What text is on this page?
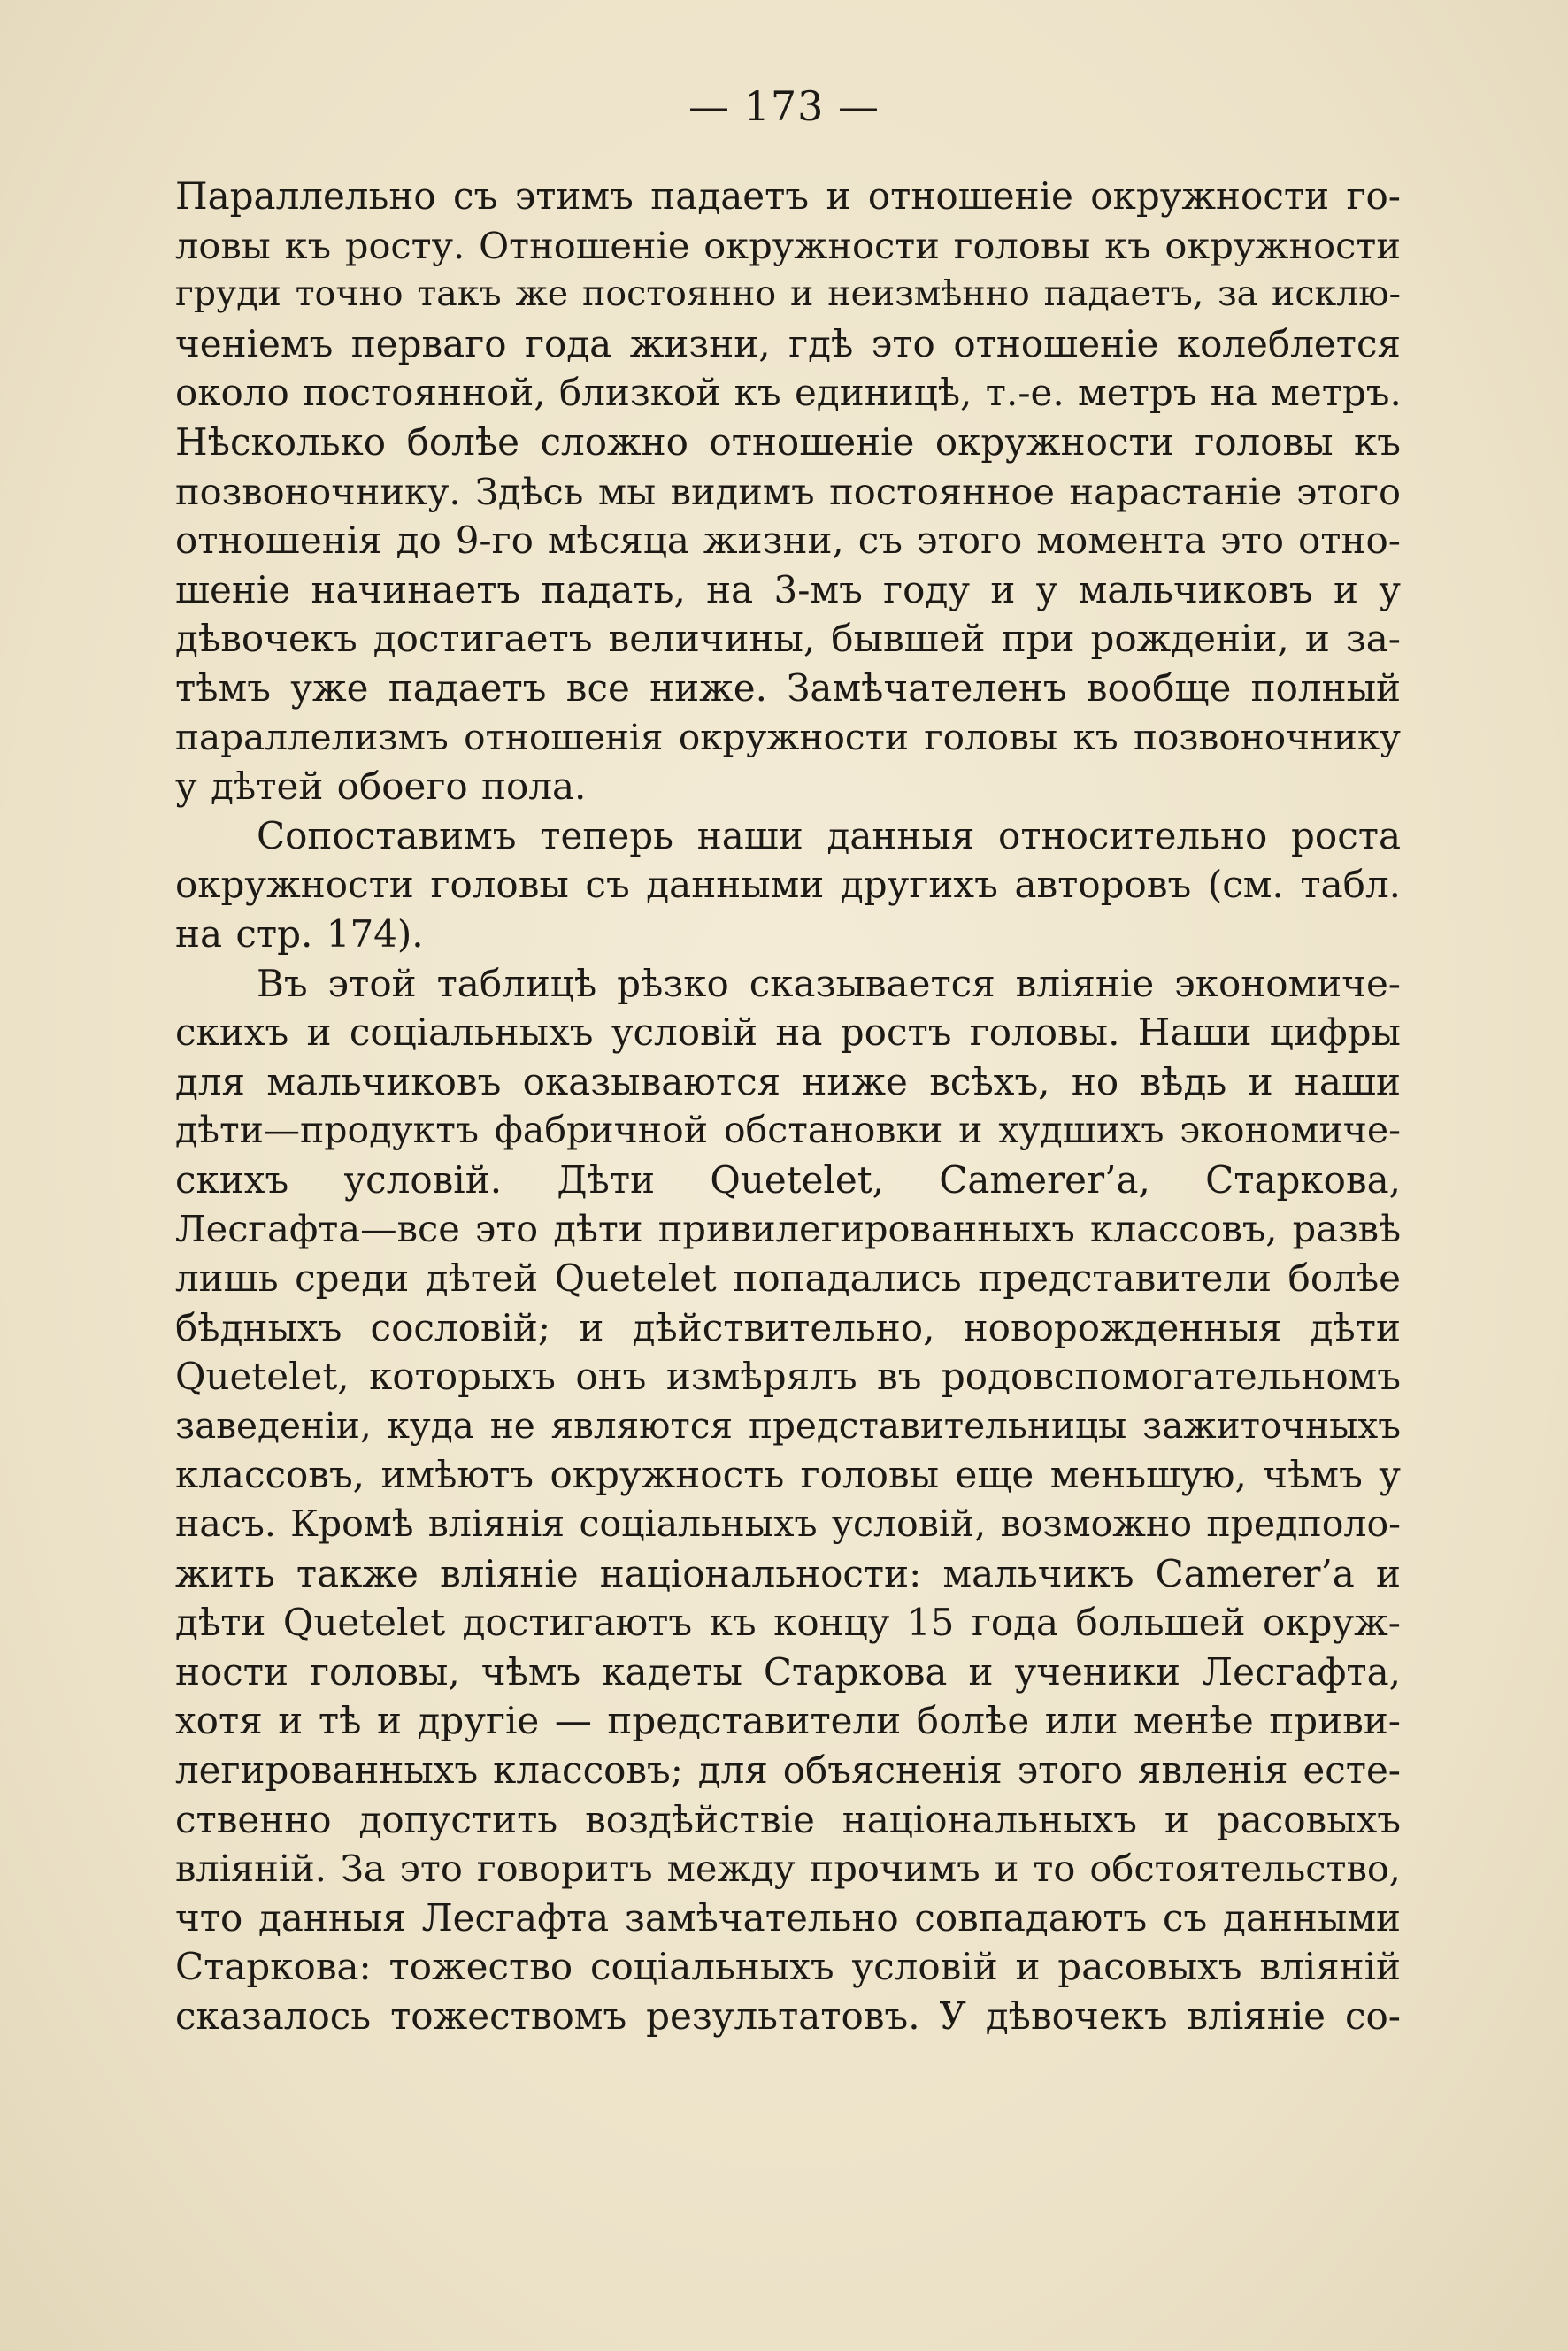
— 173 —
Параллельно съ этимъ падаетъ и отношеніе окружности го-
ловы къ росту. Отношеніе окружности головы къ окружности
груди точно такъ же постоянно и неизмѣнно падаетъ, за исклю-
ченіемъ перваго года жизни, гдѣ это отношеніе колеблется
около постоянной, близкой къ единицѣ, т.-е. метръ на метръ.
Нѣсколько болѣе сложно отношеніе окружности головы къ
позвоночнику. Здѣсь мы видимъ постоянное нарастаніе этого
отношенія до 9-го мѣсяца жизни, съ этого момента это отно-
шеніе начинаетъ падать, на 3-мъ году и у мальчиковъ и у
дѣвочекъ достигаетъ величины, бывшей при рожденіи, и за-
тѣмъ уже падаетъ все ниже. Замѣчателенъ вообще полный
параллелизмъ отношенія окружности головы къ позвоночнику
у дѣтей обоего пола.
Сопоставимъ теперь наши данныя относительно роста
окружности головы съ данными другихъ авторовъ (см. табл.
на стр. 174).
Въ этой таблицѣ рѣзко сказывается вліяніе экономиче-
скихъ и соціальныхъ условій на ростъ головы. Наши цифры
для мальчиковъ оказываются ниже всѣхъ, но вѣдь и наши
дѣти—продуктъ фабричной обстановки и худшихъ экономиче-
скихъ условій. Дѣти Quetelet, Camerer’a, Старкова,
Лесгафта—все это дѣти привилегированныхъ классовъ, развѣ
лишь среди дѣтей Quetelet попадались представители болѣе
бѣдныхъ сословій; и дѣйствительно, новорожденныя дѣти
Quetelet, которыхъ онъ измѣрялъ въ родовспомогательномъ
заведеніи, куда не являются представительницы зажиточныхъ
классовъ, имѣютъ окружность головы еще меньшую, чѣмъ у
насъ. Кромѣ вліянія соціальныхъ условій, возможно предполо-
жить также вліяніе національности: мальчикъ Camerer’a и
дѣти Quetelet достигаютъ къ концу 15 года большей окруж-
ности головы, чѣмъ кадеты Старкова и ученики Лесгафта,
хотя и тѣ и другіе — представители болѣе или менѣе приви-
легированныхъ классовъ; для объясненія этого явленія есте-
ственно допустить воздѣйствіе національныхъ и расовыхъ
вліяній. За это говоритъ между прочимъ и то обстоятельство,
что данныя Лесгафта замѣчательно совпадаютъ съ данными
Старкова: тожество соціальныхъ условій и расовыхъ вліяній
сказалось тожествомъ результатовъ. У дѣвочекъ вліяніе со-
